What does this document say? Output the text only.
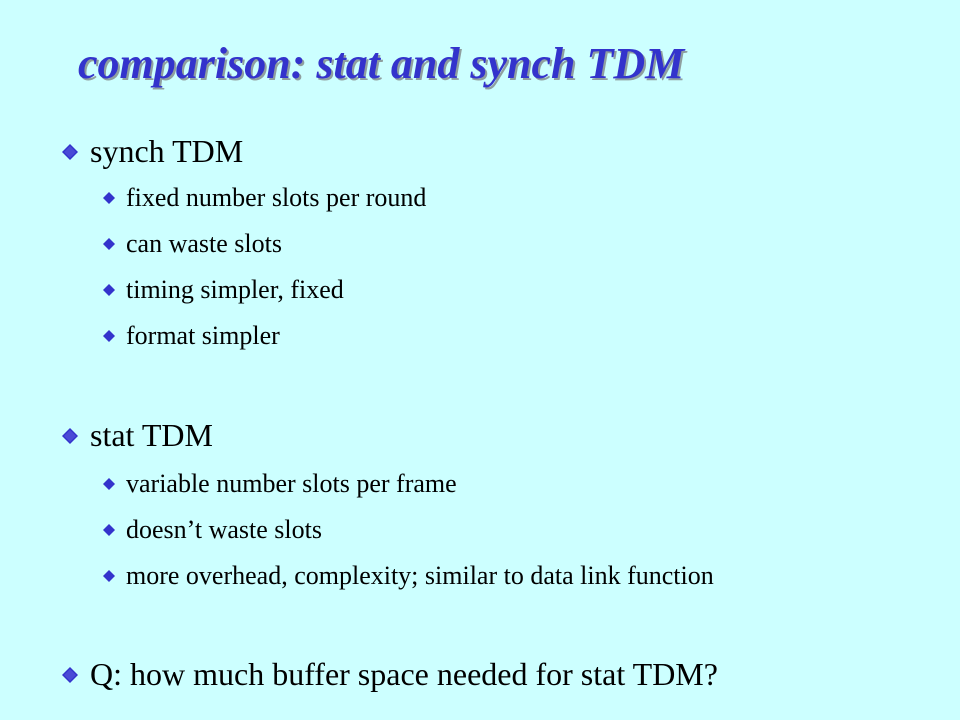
comparison: stat and synch TDM
synch TDM
fixed number slots per round
can waste slots
timing simpler, fixed
format simpler
stat TDM
variable number slots per frame
doesn’t waste slots
more overhead, complexity; similar to data link function
Q: how much buffer space needed for stat TDM?
